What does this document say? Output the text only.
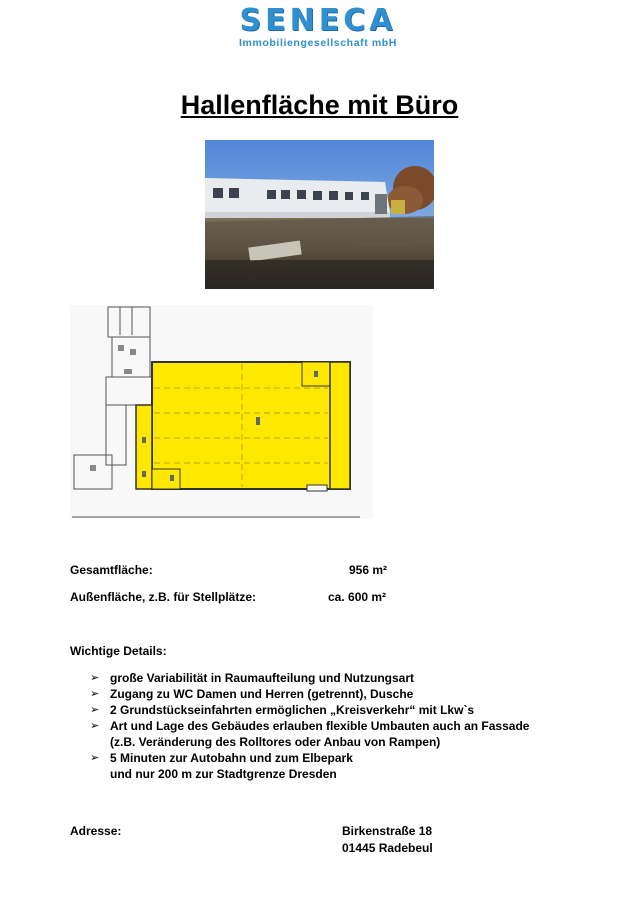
SENECA
Immobiliengesellschaft mbH
Hallenfläche mit Büro
Gesamtfläche:	956 m²
Außenfläche, z.B. für Stellplätze:	ca. 600 m²
Wichtige Details:
➢ große Variabilität in Raumaufteilung und Nutzungsart
➢ Zugang zu WC Damen und Herren (getrennt), Dusche
➢ 2 Grundstückseinfahrten ermöglichen „Kreisverkehr“ mit Lkw`s
➢ Art und Lage des Gebäudes erlauben flexible Umbauten auch an Fassade
(z.B. Veränderung des Rolltores oder Anbau von Rampen)
➢ 5 Minuten zur Autobahn und zum Elbepark
und nur 200 m zur Stadtgrenze Dresden
Adresse:	Birkenstraße 18
01445 Radebeul
